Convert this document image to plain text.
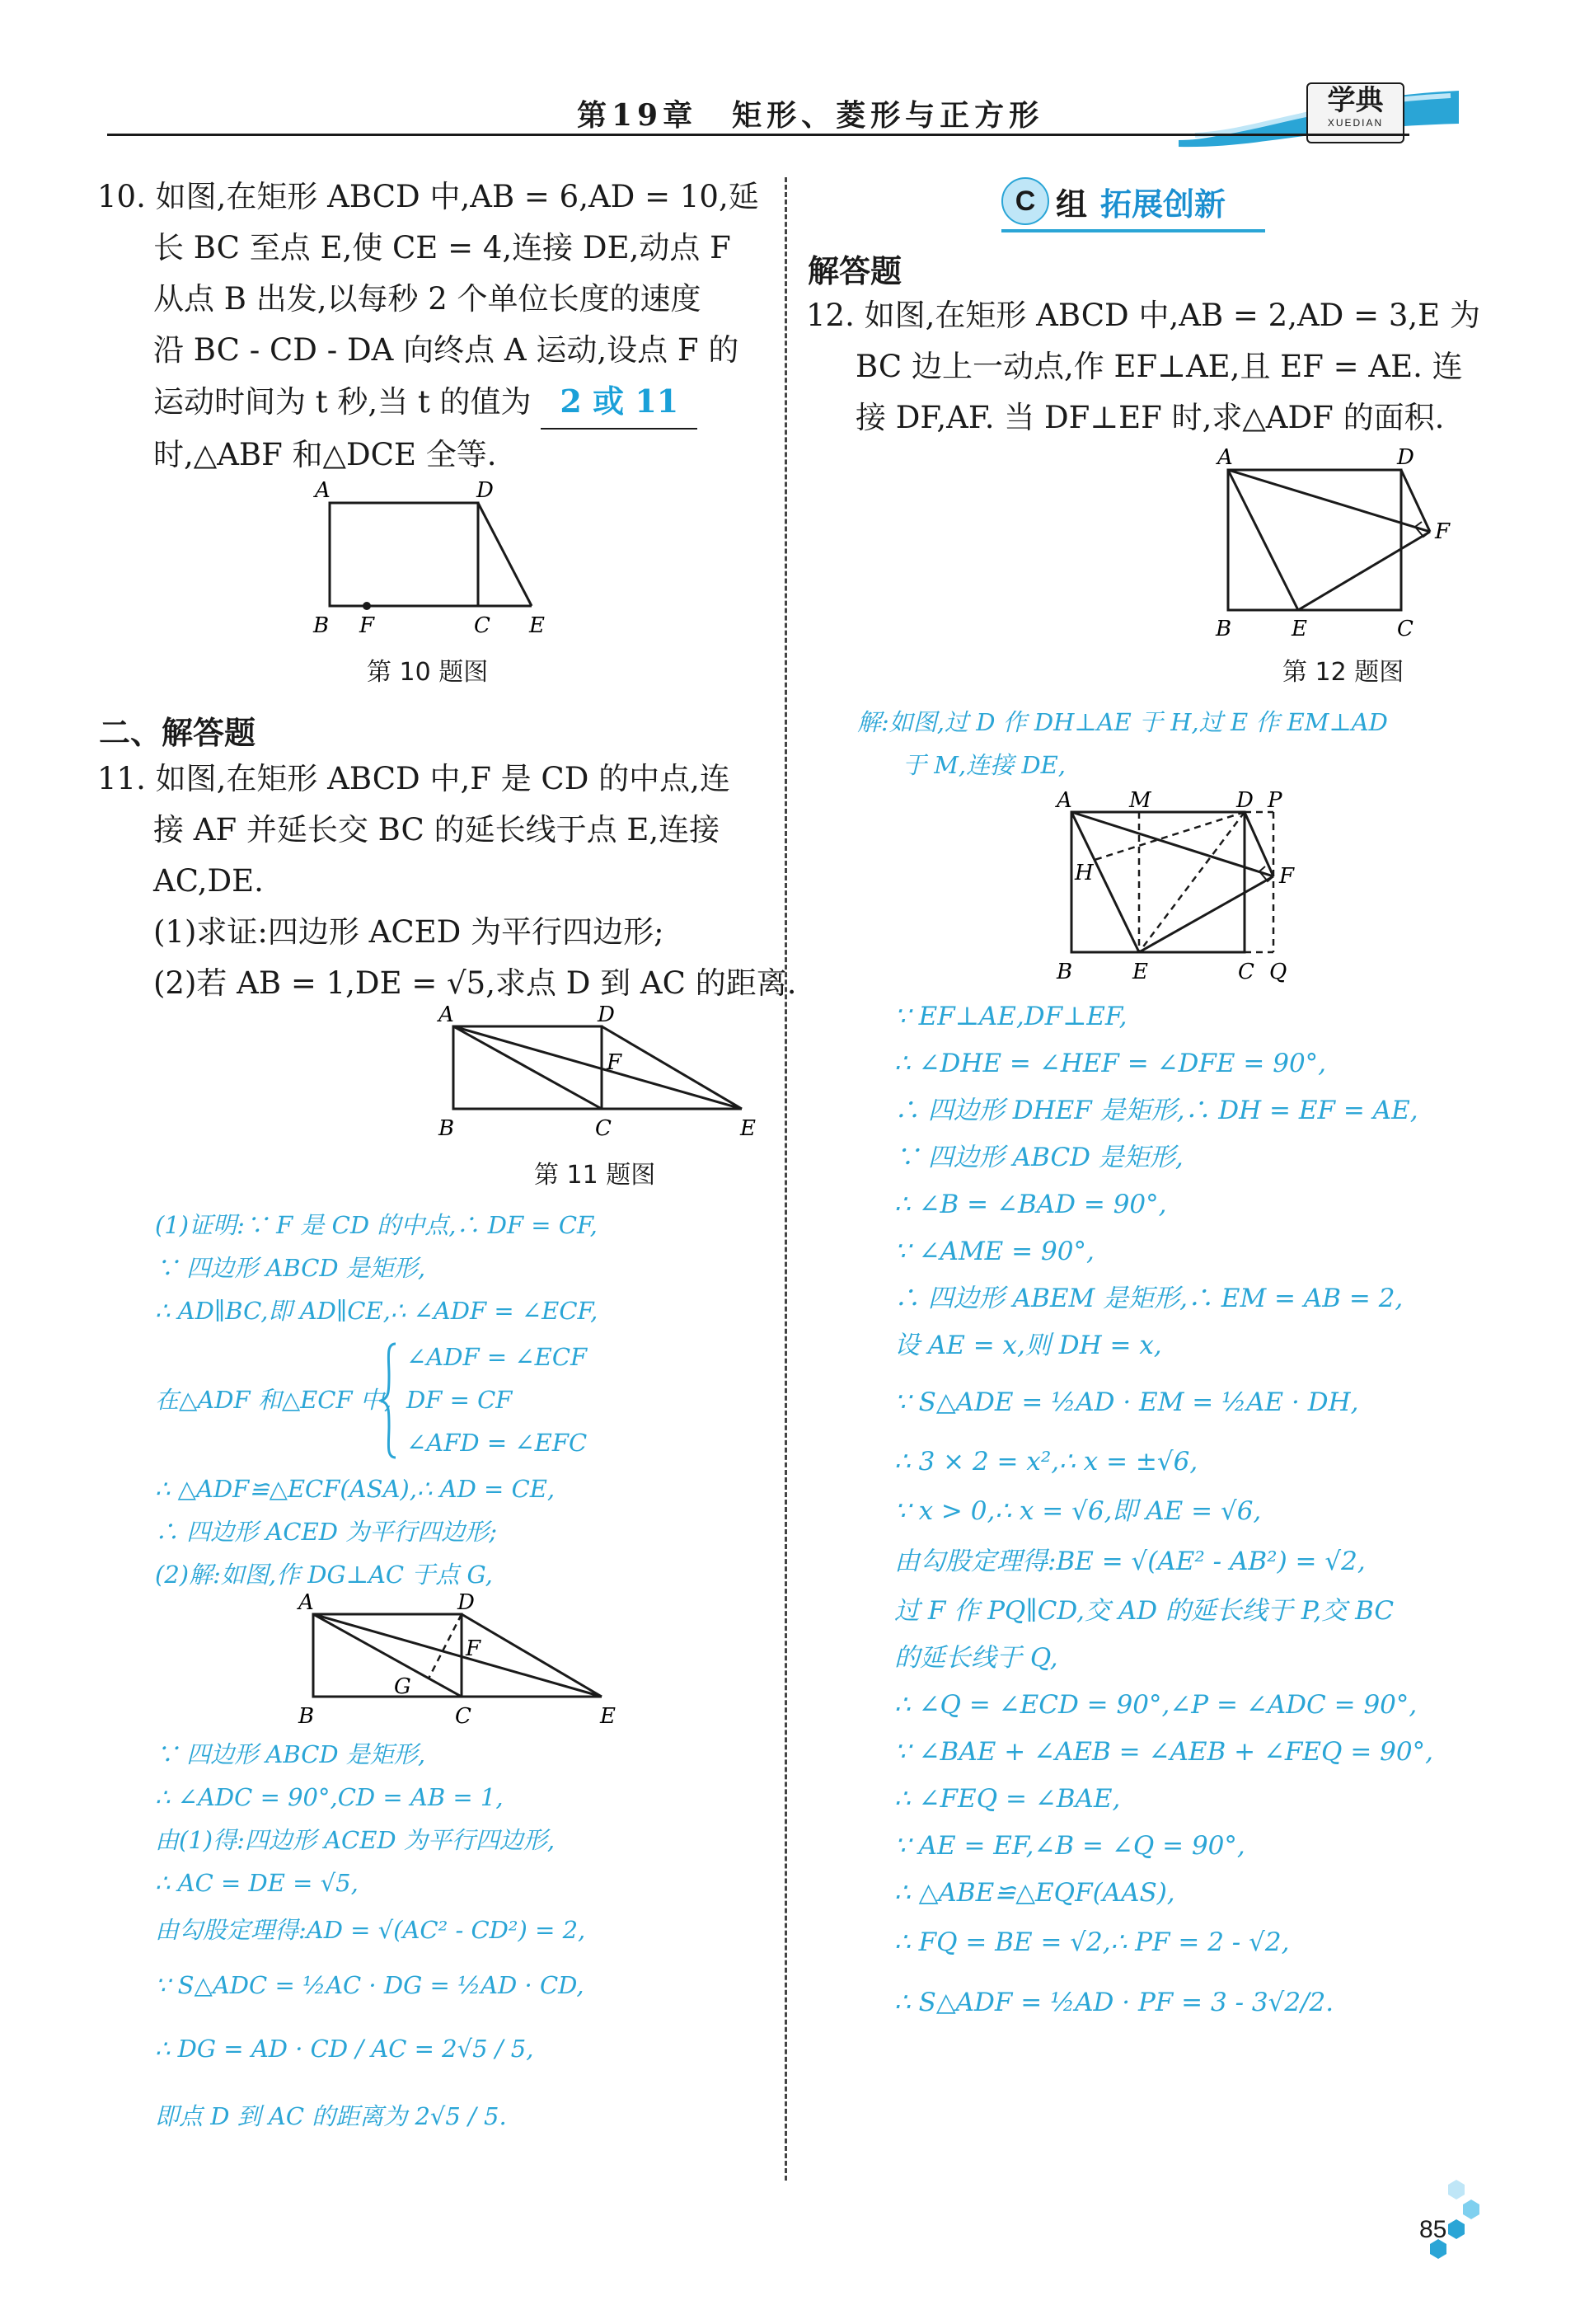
第19章　矩形、菱形与正方形	学典
XUEDIAN
10. 如图,在矩形 ABCD 中,AB = 6,AD = 10,延
长 BC 至点 E,使 CE = 4,连接 DE,动点 F
从点 B 出发,以每秒 2 个单位长度的速度
沿 BC - CD - DA 向终点 A 运动,设点 F 的
运动时间为 t 秒,当 t 的值为 2 或 11
时,△ABF 和△DCE 全等.
A	D
B F	C E
第 10 题图
二、解答题
11. 如图,在矩形 ABCD 中,F 是 CD 的中点,连
接 AF 并延长交 BC 的延长线于点 E,连接
AC,DE.
(1)求证:四边形 ACED 为平行四边形;
(2)若 AB = 1,DE = √5,求点 D 到 AC 的距离.
A	D
F
B	C	E
第 11 题图
(1)证明:∵ F 是 CD 的中点,∴ DF = CF,
∵ 四边形 ABCD 是矩形,
∴ AD∥BC,即 AD∥CE,∴ ∠ADF = ∠ECF,
在△ADF 和△ECF 中,
∠ADF = ∠ECF
DF = CF
∠AFD = ∠EFC
∴ △ADF≌△ECF(ASA),∴ AD = CE,
∴ 四边形 ACED 为平行四边形;
(2)解:如图,作 DG⊥AC 于点 G,
A	D
F
G
B	C	E
∵ 四边形 ABCD 是矩形,
∴ ∠ADC = 90°,CD = AB = 1,
由(1)得:四边形 ACED 为平行四边形,
∴ AC = DE = √5,
由勾股定理得:AD = √(AC² - CD²) = 2,
∵ S△ADC = ½AC · DG = ½AD · CD,
∴ DG = AD · CD / AC = 2√5 / 5,
即点 D 到 AC 的距离为 2√5 / 5.
C 组 拓展创新
解答题
12. 如图,在矩形 ABCD 中,AB = 2,AD = 3,E 为
BC 边上一动点,作 EF⊥AE,且 EF = AE. 连
接 DF,AF. 当 DF⊥EF 时,求△ADF 的面积.
A	D
F
B	E	C
第 12 题图
解:如图,过 D 作 DH⊥AE 于 H,过 E 作 EM⊥AD
于 M,连接 DE,
A	M	D P
H	F
B	E	C Q
∵ EF⊥AE,DF⊥EF,
∴ ∠DHE = ∠HEF = ∠DFE = 90°,
∴ 四边形 DHEF 是矩形,∴ DH = EF = AE,
∵ 四边形 ABCD 是矩形,
∴ ∠B = ∠BAD = 90°,
∵ ∠AME = 90°,
∴ 四边形 ABEM 是矩形,∴ EM = AB = 2,
设 AE = x,则 DH = x,
∵ S△ADE = ½AD · EM = ½AE · DH,
∴ 3 × 2 = x²,∴ x = ±√6,
∵ x > 0,∴ x = √6,即 AE = √6,
由勾股定理得:BE = √(AE² - AB²) = √2,
过 F 作 PQ∥CD,交 AD 的延长线于 P,交 BC
的延长线于 Q,
∴ ∠Q = ∠ECD = 90°,∠P = ∠ADC = 90°,
∵ ∠BAE + ∠AEB = ∠AEB + ∠FEQ = 90°,
∴ ∠FEQ = ∠BAE,
∵ AE = EF,∠B = ∠Q = 90°,
∴ △ABE≌△EQF(AAS),
∴ FQ = BE = √2,∴ PF = 2 - √2,
∴ S△ADF = ½AD · PF = 3 - 3√2/2.
85
